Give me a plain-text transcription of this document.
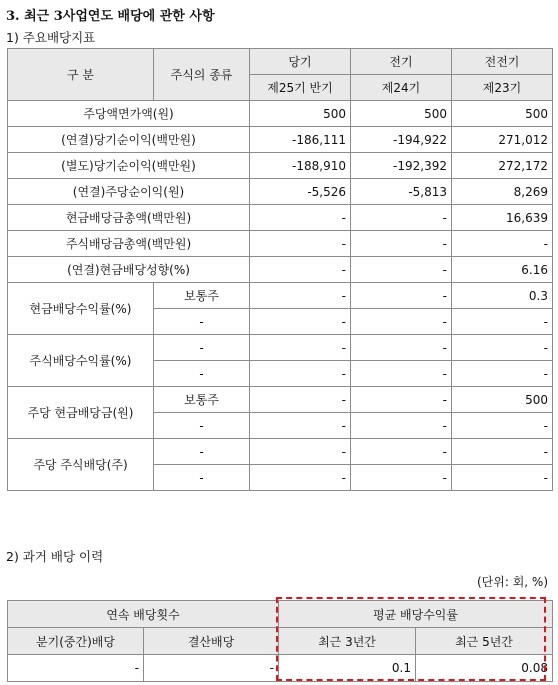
3. 최근 3사업연도 배당에 관한 사항
1) 주요배당지표
구 분	주식의 종류	당기	전기	전전기
		제25기 반기	제24기	제23기
주당액면가액(원)		500	500	500
(연결)당기순이익(백만원)		-186,111	-194,922	271,012
(별도)당기순이익(백만원)		-188,910	-192,392	272,172
(연결)주당순이익(원)		-5,526	-5,813	8,269
현금배당금총액(백만원)		-	-	16,639
주식배당금총액(백만원)		-	-	-
(연결)현금배당성향(%)		-	-	6.16
현금배당수익률(%)	보통주	-	-	0.3
	-	-	-	-
주식배당수익률(%)	-	-	-	-
	-	-	-	-
주당 현금배당금(원)	보통주	-	-	500
	-	-	-	-
주당 주식배당(주)	-	-	-	-
	-	-	-	-
2) 과거 배당 이력
(단위: 회, %)
연속 배당횟수		평균 배당수익률	
분기(중간)배당	결산배당	최근 3년간	최근 5년간
-	-	0.1	0.08
